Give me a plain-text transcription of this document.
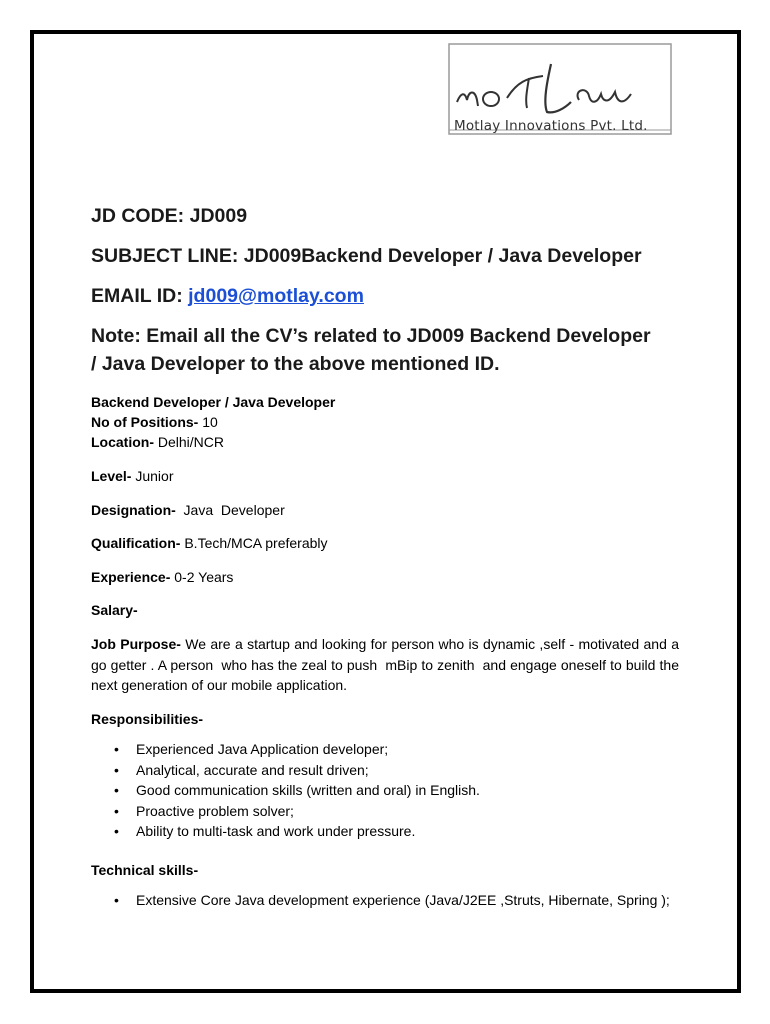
Motlay Innovations Pvt. Ltd.
JD CODE: JD009
SUBJECT LINE: JD009Backend Developer / Java Developer
EMAIL ID: jd009@motlay.com
Note: Email all the CV’s related to JD009 Backend Developer
/ Java Developer to the above mentioned ID.
Backend Developer / Java Developer
No of Positions- 10
Location- Delhi/NCR
Level- Junior
Designation-  Java  Developer
Qualification- B.Tech/MCA preferably
Experience- 0-2 Years
Salary-
Job Purpose- We are a startup and looking for person who is dynamic ,self - motivated and a go getter . A person  who has the zeal to push  mBip to zenith  and engage oneself to build the next generation of our mobile application.
Responsibilities-
• Experienced Java Application developer;
• Analytical, accurate and result driven;
• Good communication skills (written and oral) in English.
• Proactive problem solver;
• Ability to multi-task and work under pressure.
Technical skills-
• Extensive Core Java development experience (Java/J2EE ,Struts, Hibernate, Spring );
